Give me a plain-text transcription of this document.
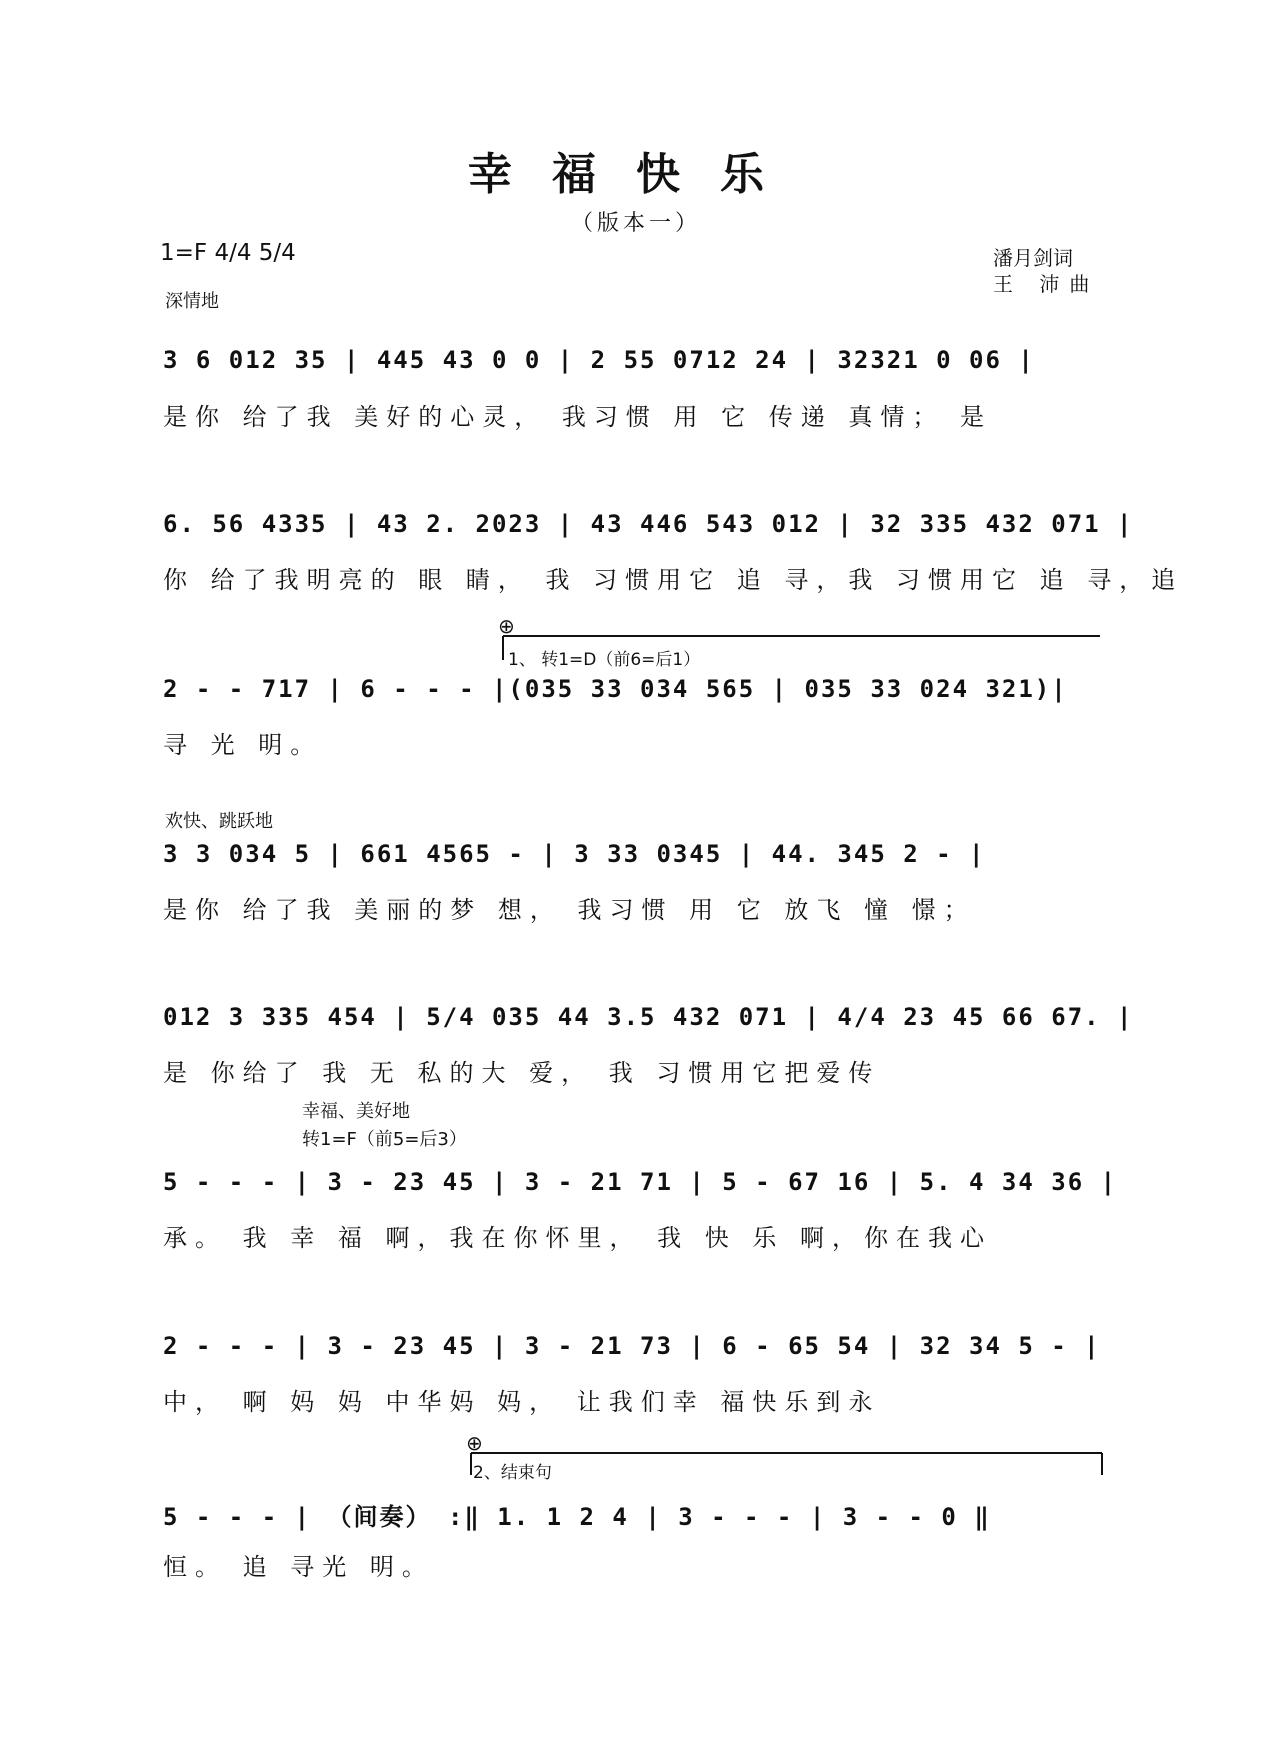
幸福快乐
（版本一）
1=F 4/4 5/4	潘月剑词
王 沛曲
深情地
欢快、跳跃地
幸福、美好地
转1=F（前5=后3）
⊕
1、 转1=D（前6=后1）
⊕
2、结束句
3 6 012 35 | 445 43 0 0 | 2 55 0712 24 | 32321 0 06 |
是你 给了我 美好的心灵， 我习惯 用 它 传递 真情； 是
6. 56 4335 | 43 2. 2023 | 43 446 543 012 | 32 335 432 071 |
你 给了我明亮的 眼 睛， 我 习惯用它 追 寻，我 习惯用它 追 寻，追
2 - - 717 | 6 - - - |(035 33 034 565 | 035 33 024 321)|
寻 光 明。
3 3 034 5 | 661 4565 - | 3 33 0345 | 44. 345 2 - |
是你 给了我 美丽的梦 想， 我习惯 用 它 放飞 憧 憬；
012 3 335 454 | 5/4 035 44 3.5 432 071 | 4/4 23 45 66 67. |
是 你给了 我 无 私的大 爱， 我 习惯用它把爱传
5 - - - | 3 - 23 45 | 3 - 21 71 | 5 - 67 16 | 5. 4 34 36 |
承。 我 幸 福 啊，我在你怀里， 我 快 乐 啊，你在我心
2 - - - | 3 - 23 45 | 3 - 21 73 | 6 - 65 54 | 32 34 5 - |
中， 啊 妈 妈 中华妈 妈， 让我们幸 福快乐到永
5 - - - | （间奏） :‖ 1. 1 2 4 | 3 - - - | 3 - - 0 ‖
恒。 追 寻光 明。
